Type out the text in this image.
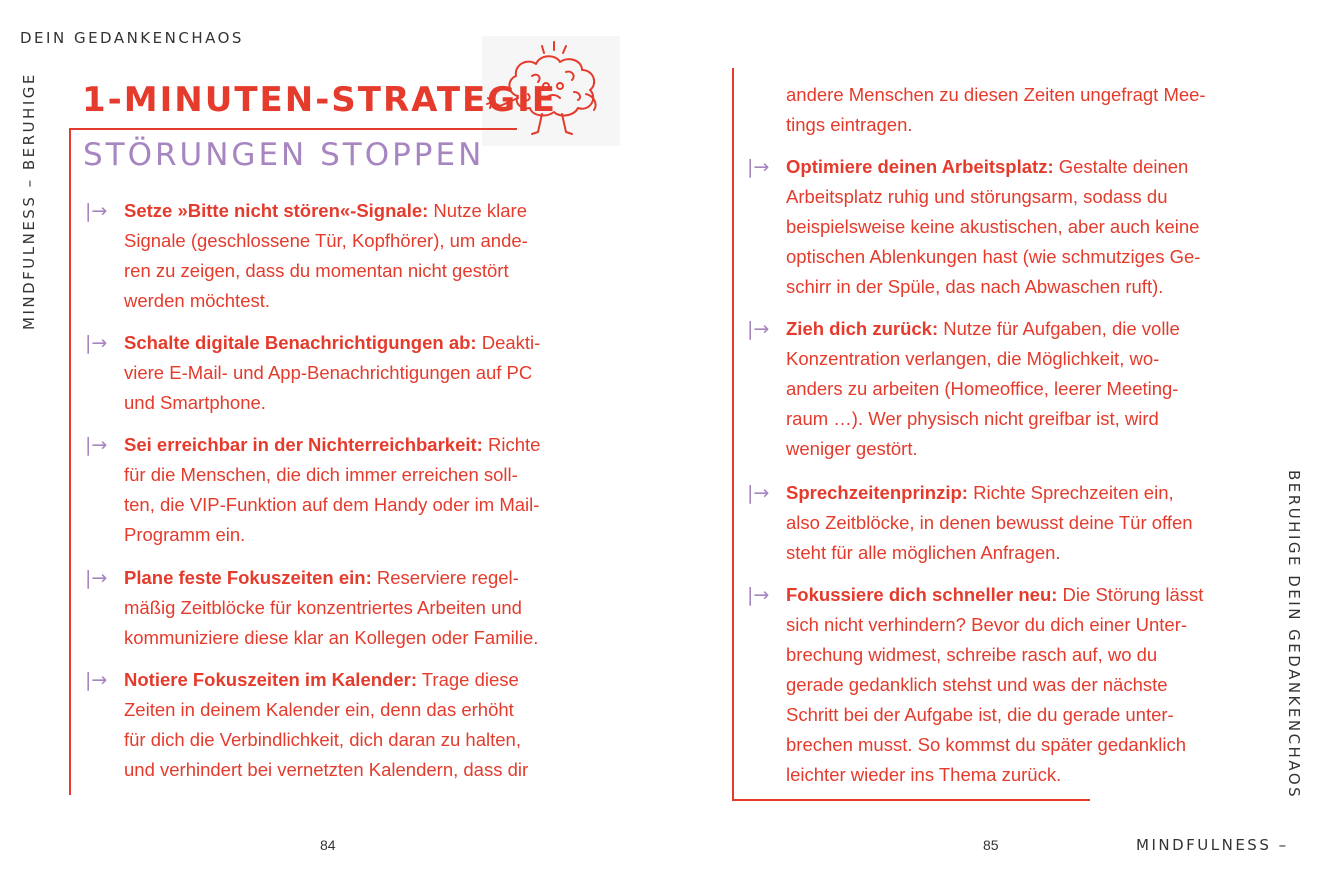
DEIN GEDANKENCHAOS
MINDFULNESS – BERUHIGE
BERUHIGE DEIN GEDANKENCHAOS
MINDFULNESS –
1-MINUTEN-STRATEGIE
STÖRUNGEN STOPPEN
|→ Setze »Bitte nicht stören«-Signale: Nutze klare
Signale (geschlossene Tür, Kopfhörer), um ande-
ren zu zeigen, dass du momentan nicht gestört
werden möchtest.
|→ Schalte digitale Benachrichtigungen ab: Deakti-
viere E-Mail- und App-Benachrichtigungen auf PC
und Smartphone.
|→ Sei erreichbar in der Nichterreichbarkeit: Richte
für die Menschen, die dich immer erreichen soll-
ten, die VIP-Funktion auf dem Handy oder im Mail-
Programm ein.
|→ Plane feste Fokuszeiten ein: Reserviere regel-
mäßig Zeitblöcke für konzentriertes Arbeiten und
kommuniziere diese klar an Kollegen oder Familie.
|→ Notiere Fokuszeiten im Kalender: Trage diese
Zeiten in deinem Kalender ein, denn das erhöht
für dich die Verbindlichkeit, dich daran zu halten,
und verhindert bei vernetzten Kalendern, dass dir
andere Menschen zu diesen Zeiten ungefragt Mee-
tings eintragen.
|→ Optimiere deinen Arbeitsplatz: Gestalte deinen
Arbeitsplatz ruhig und störungsarm, sodass du
beispielsweise keine akustischen, aber auch keine
optischen Ablenkungen hast (wie schmutziges Ge-
schirr in der Spüle, das nach Abwaschen ruft).
|→ Zieh dich zurück: Nutze für Aufgaben, die volle
Konzentration verlangen, die Möglichkeit, wo-
anders zu arbeiten (Homeoffice, leerer Meeting-
raum …). Wer physisch nicht greifbar ist, wird
weniger gestört.
|→ Sprechzeitenprinzip: Richte Sprechzeiten ein,
also Zeitblöcke, in denen bewusst deine Tür offen
steht für alle möglichen Anfragen.
|→ Fokussiere dich schneller neu: Die Störung lässt
sich nicht verhindern? Bevor du dich einer Unter-
brechung widmest, schreibe rasch auf, wo du
gerade gedanklich stehst und was der nächste
Schritt bei der Aufgabe ist, die du gerade unter-
brechen musst. So kommst du später gedanklich
leichter wieder ins Thema zurück.
84	85
